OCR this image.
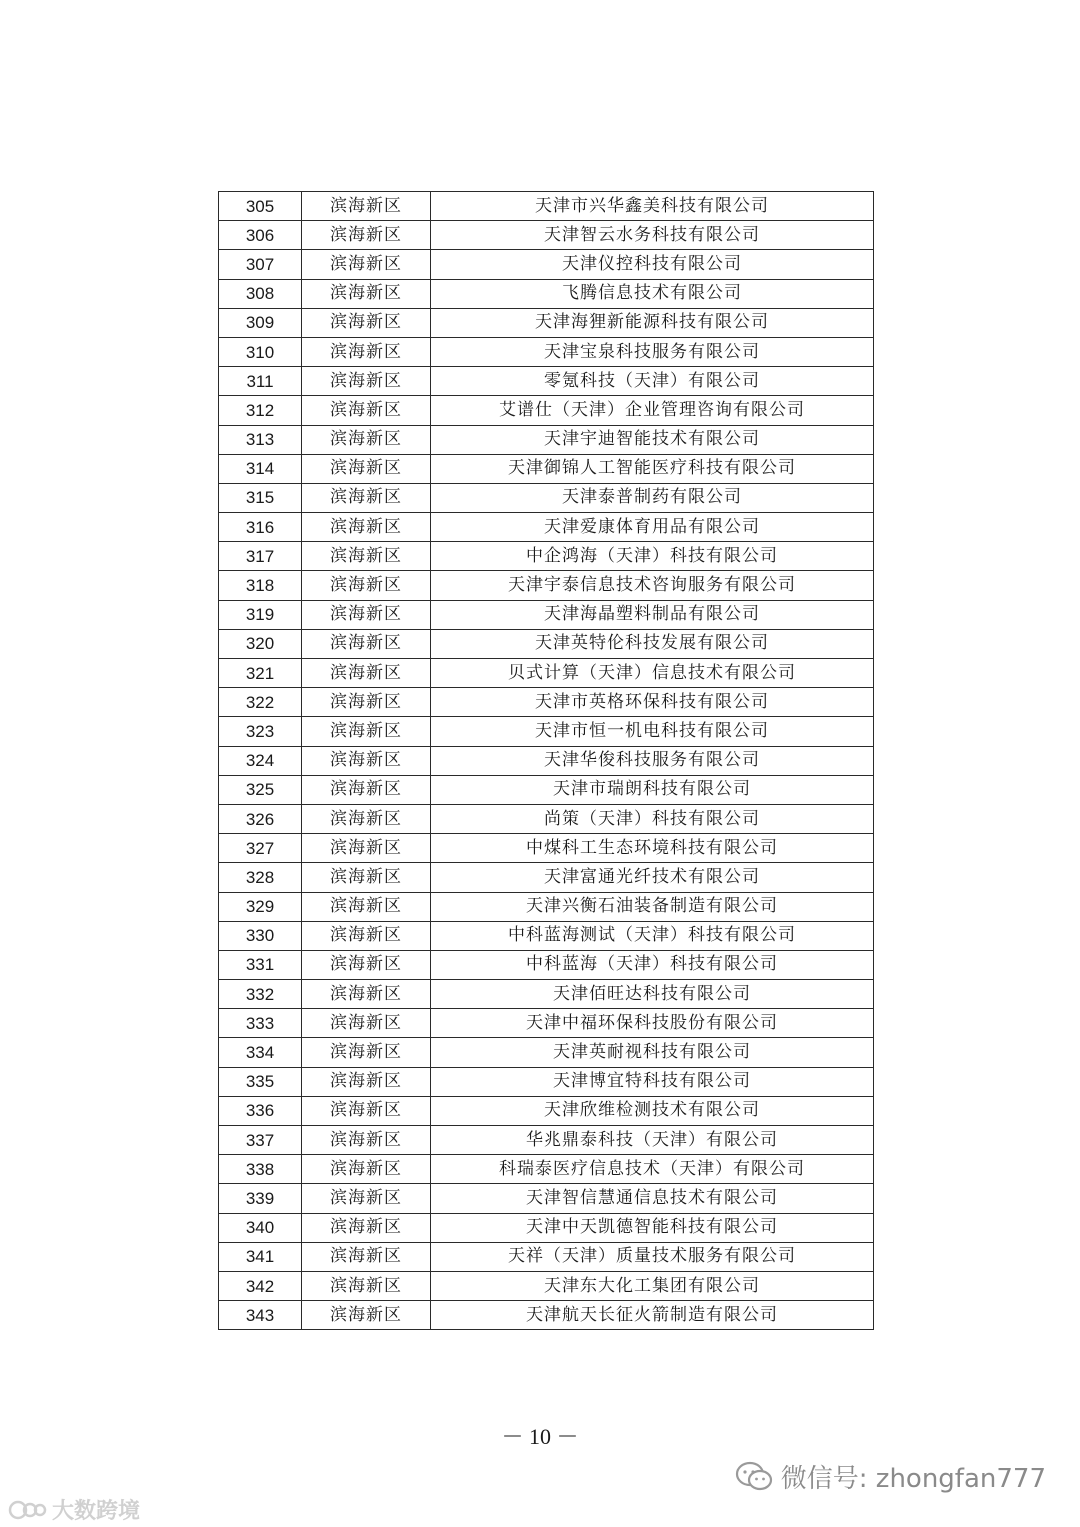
305	滨海新区	天津市兴华鑫美科技有限公司
306	滨海新区	天津智云水务科技有限公司
307	滨海新区	天津仪控科技有限公司
308	滨海新区	飞腾信息技术有限公司
309	滨海新区	天津海狸新能源科技有限公司
310	滨海新区	天津宝泉科技服务有限公司
311	滨海新区	零氪科技（天津）有限公司
312	滨海新区	艾谱仕（天津）企业管理咨询有限公司
313	滨海新区	天津宇迪智能技术有限公司
314	滨海新区	天津御锦人工智能医疗科技有限公司
315	滨海新区	天津泰普制药有限公司
316	滨海新区	天津爱康体育用品有限公司
317	滨海新区	中企鸿海（天津）科技有限公司
318	滨海新区	天津宇泰信息技术咨询服务有限公司
319	滨海新区	天津海晶塑料制品有限公司
320	滨海新区	天津英特伦科技发展有限公司
321	滨海新区	贝式计算（天津）信息技术有限公司
322	滨海新区	天津市英格环保科技有限公司
323	滨海新区	天津市恒一机电科技有限公司
324	滨海新区	天津华俊科技服务有限公司
325	滨海新区	天津市瑞朗科技有限公司
326	滨海新区	尚策（天津）科技有限公司
327	滨海新区	中煤科工生态环境科技有限公司
328	滨海新区	天津富通光纤技术有限公司
329	滨海新区	天津兴衡石油装备制造有限公司
330	滨海新区	中科蓝海测试（天津）科技有限公司
331	滨海新区	中科蓝海（天津）科技有限公司
332	滨海新区	天津佰旺达科技有限公司
333	滨海新区	天津中福环保科技股份有限公司
334	滨海新区	天津英耐视科技有限公司
335	滨海新区	天津博宜特科技有限公司
336	滨海新区	天津欣维检测技术有限公司
337	滨海新区	华兆鼎泰科技（天津）有限公司
338	滨海新区	科瑞泰医疗信息技术（天津）有限公司
339	滨海新区	天津智信慧通信息技术有限公司
340	滨海新区	天津中天凯德智能科技有限公司
341	滨海新区	天祥（天津）质量技术服务有限公司
342	滨海新区	天津东大化工集团有限公司
343	滨海新区	天津航天长征火箭制造有限公司
－ 10 －
微信号: zhongfan777
大数跨境
